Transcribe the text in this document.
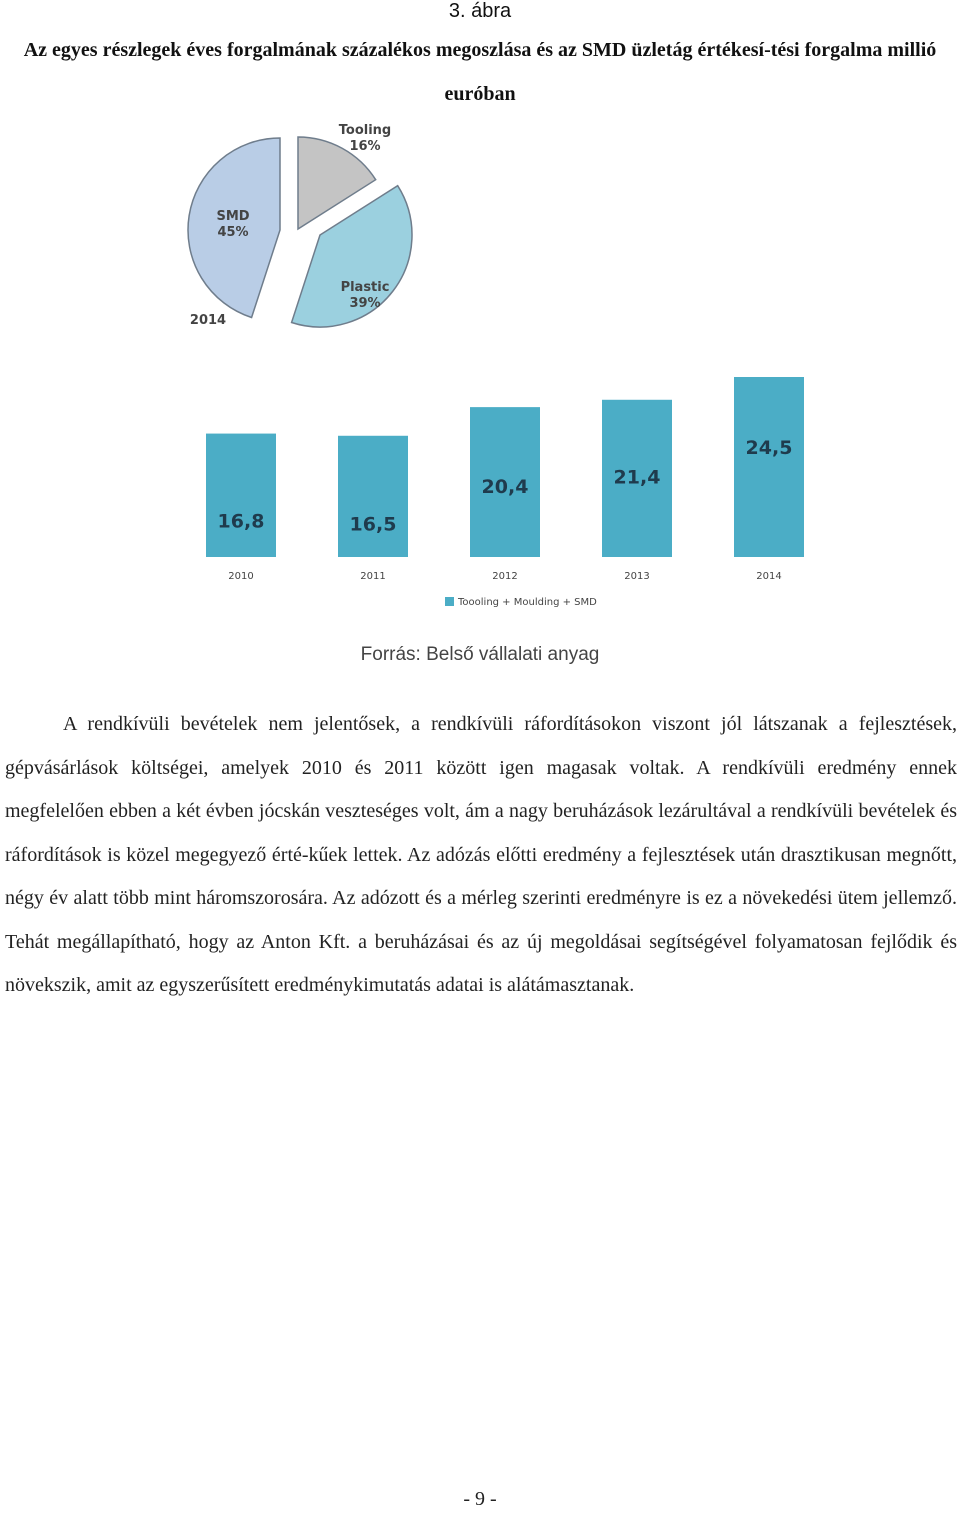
3. ábra
Az egyes részlegek éves forgalmának százalékos megoszlása és az SMD üzletág értékesí-tési forgalma millió euróban
Tooling
16%
Plastic
39%
SMD
45%
2014
16,8
2010
16,5
2011
20,4
2012
21,4
2013
24,5
2014
Toooling + Moulding + SMD
Forrás: Belső vállalati anyag

A rendkívüli bevételek nem jelentősek, a rendkívüli ráfordításokon viszont jól látszanak a fejlesztések, gépvásárlások költségei, amelyek 2010 és 2011 között igen magasak voltak. A rendkívüli eredmény ennek megfelelően ebben a két évben jócskán veszteséges volt, ám a nagy beruházások lezárultával a rendkívüli bevételek és ráfordítások is közel megegyező érté-kűek lettek. Az adózás előtti eredmény a fejlesztések után drasztikusan megnőtt, négy év alatt több mint háromszorosára. Az adózott és a mérleg szerinti eredményre is ez a növekedési ütem jellemző. Tehát megállapítható, hogy az Anton Kft. a beruházásai és az új megoldásai segítségével folyamatosan fejlődik és növekszik, amit az egyszerűsített eredménykimutatás adatai is alátámasztanak.

- 9 -
